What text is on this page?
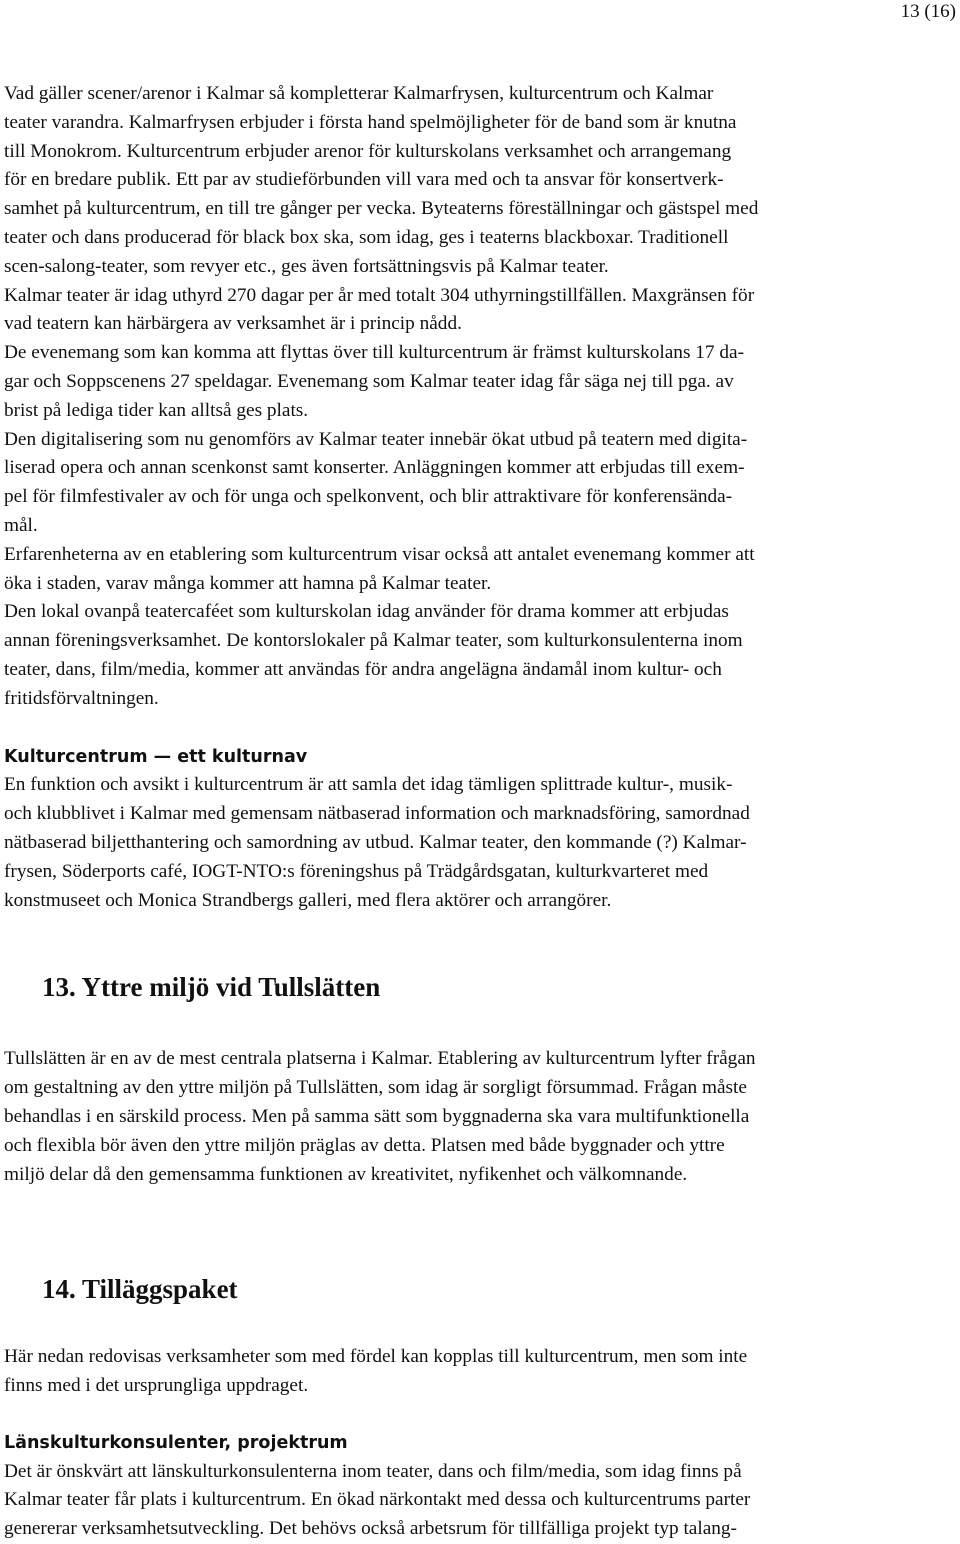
13 (16)
Vad gäller scener/arenor i Kalmar så kompletterar Kalmarfrysen, kulturcentrum och Kalmar
teater varandra. Kalmarfrysen erbjuder i första hand spelmöjligheter för de band som är knutna
till Monokrom. Kulturcentrum erbjuder arenor för kulturskolans verksamhet och arrangemang
för en bredare publik. Ett par av studieförbunden vill vara med och ta ansvar för konsertverk-
samhet på kulturcentrum, en till tre gånger per vecka. Byteaterns föreställningar och gästspel med
teater och dans producerad för black box ska, som idag, ges i teaterns blackboxar. Traditionell
scen-salong-teater, som revyer etc., ges även fortsättningsvis på Kalmar teater.
Kalmar teater är idag uthyrd 270 dagar per år med totalt 304 uthyrningstillfällen. Maxgränsen för
vad teatern kan härbärgera av verksamhet är i princip nådd.
De evenemang som kan komma att flyttas över till kulturcentrum är främst kulturskolans 17 da-
gar och Soppscenens 27 speldagar. Evenemang som Kalmar teater idag får säga nej till pga. av
brist på lediga tider kan alltså ges plats.
Den digitalisering som nu genomförs av Kalmar teater innebär ökat utbud på teatern med digita-
liserad opera och annan scenkonst samt konserter. Anläggningen kommer att erbjudas till exem-
pel för filmfestivaler av och för unga och spelkonvent, och blir attraktivare för konferensända-
mål.
Erfarenheterna av en etablering som kulturcentrum visar också att antalet evenemang kommer att
öka i staden, varav många kommer att hamna på Kalmar teater.
Den lokal ovanpå teatercaféet som kulturskolan idag använder för drama kommer att erbjudas
annan föreningsverksamhet. De kontorslokaler på Kalmar teater, som kulturkonsulenterna inom
teater, dans, film/media, kommer att användas för andra angelägna ändamål inom kultur- och
fritidsförvaltningen.
Kulturcentrum — ett kulturnav
En funktion och avsikt i kulturcentrum är att samla det idag tämligen splittrade kultur-, musik-
och klubblivet i Kalmar med gemensam nätbaserad information och marknadsföring, samordnad
nätbaserad biljetthantering och samordning av utbud. Kalmar teater, den kommande (?) Kalmar-
frysen, Söderports café, IOGT-NTO:s föreningshus på Trädgårdsgatan, kulturkvarteret med
konstmuseet och Monica Strandbergs galleri, med flera aktörer och arrangörer.
13. Yttre miljö vid Tullslätten
Tullslätten är en av de mest centrala platserna i Kalmar. Etablering av kulturcentrum lyfter frågan
om gestaltning av den yttre miljön på Tullslätten, som idag är sorgligt försummad. Frågan måste
behandlas i en särskild process. Men på samma sätt som byggnaderna ska vara multifunktionella
och flexibla bör även den yttre miljön präglas av detta. Platsen med både byggnader och yttre
miljö delar då den gemensamma funktionen av kreativitet, nyfikenhet och välkomnande.
14. Tilläggspaket
Här nedan redovisas verksamheter som med fördel kan kopplas till kulturcentrum, men som inte
finns med i det ursprungliga uppdraget.
Länskulturkonsulenter, projektrum
Det är önskvärt att länskulturkonsulenterna inom teater, dans och film/media, som idag finns på
Kalmar teater får plats i kulturcentrum. En ökad närkontakt med dessa och kulturcentrums parter
genererar verksamhetsutveckling. Det behövs också arbetsrum för tillfälliga projekt typ talang-
